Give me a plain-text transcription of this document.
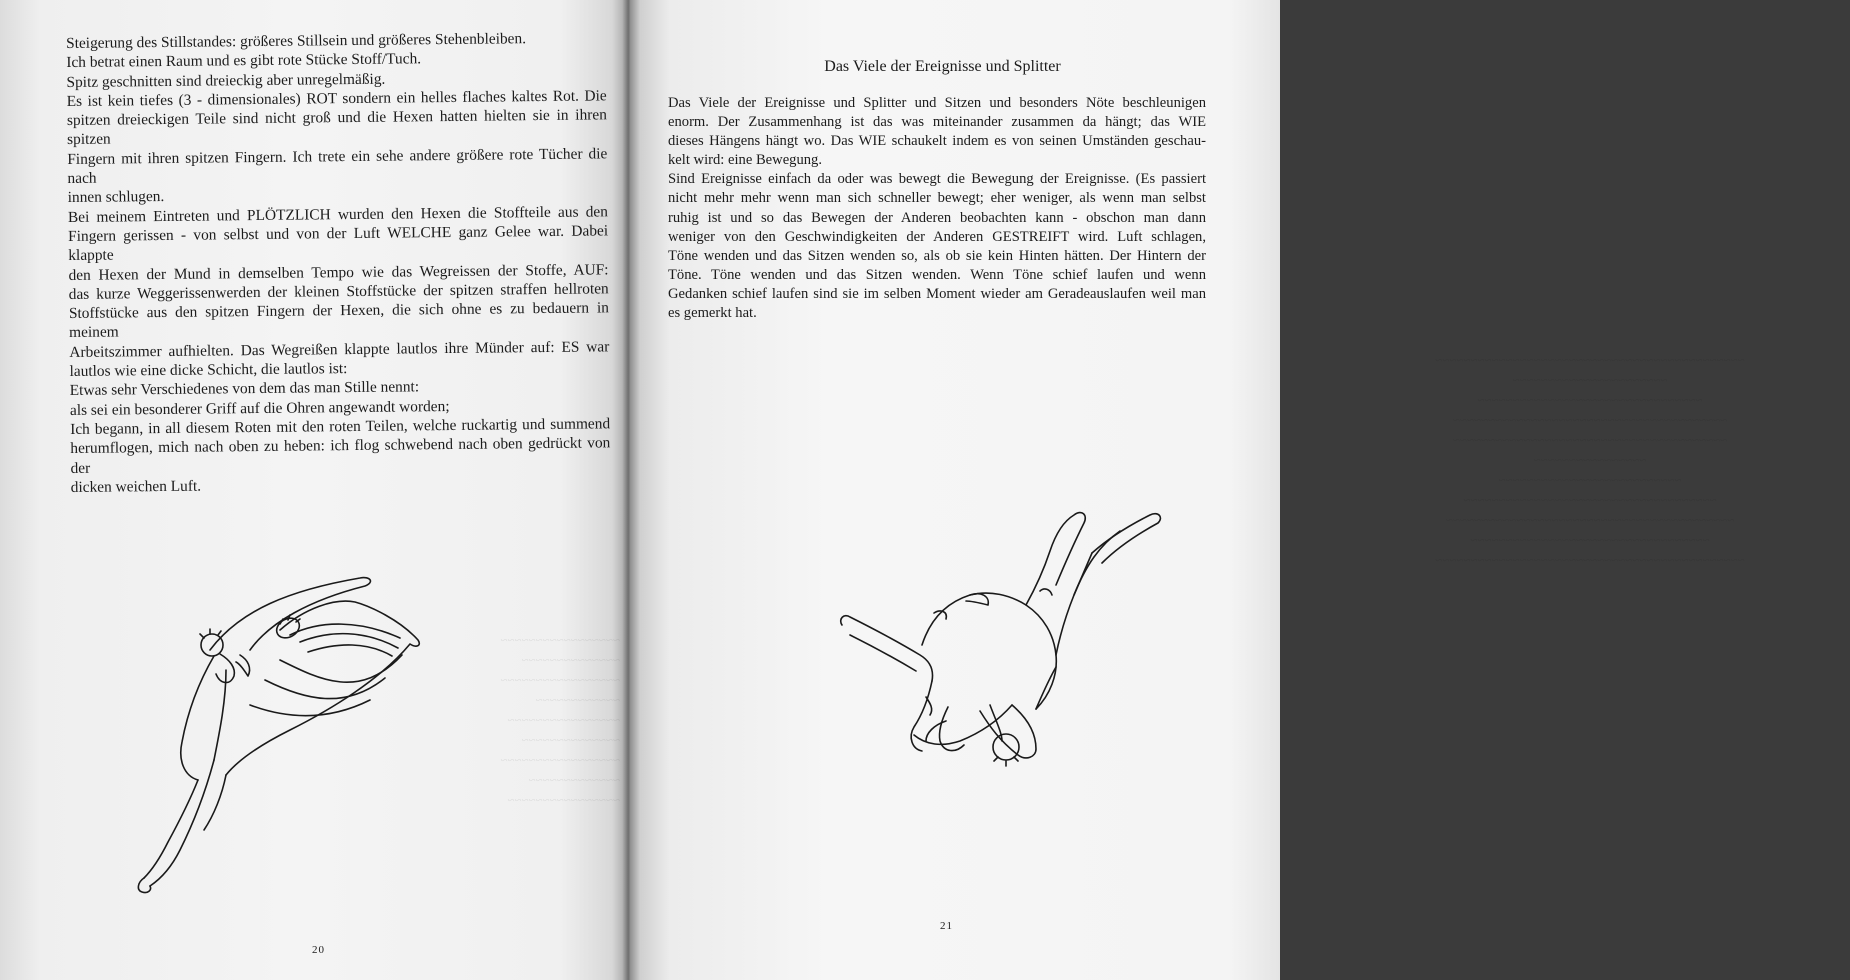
~~~~~~~~~~~~~~~~~
~~~~~~~~~~~~~~
~~~~~~~~~~~~~~~~~
~~~~~~~~~~~~
~~~~~~~~~~~~~~~~
~~~~~~~~~~~~~~
~~~~~~~~~~~~~~~~~
~~~~~~~~~~~~~
~~~~~~~~~~~~~~~~
Steigerung des Stillstandes: größeres Stillsein und größeres Stehenbleiben.
Ich betrat einen Raum und es gibt rote Stücke Stoff/Tuch.
Spitz geschnitten sind dreieckig aber unregelmäßig.
Es ist kein tiefes (3 - dimensionales) ROT sondern ein helles flaches kaltes Rot. Die
spitzen dreieckigen Teile sind nicht groß und die Hexen hatten hielten sie in ihren spitzen
Fingern mit ihren spitzen Fingern. Ich trete ein sehe andere größere rote Tücher die nach
innen schlugen.
Bei meinem Eintreten und PLÖTZLICH wurden den Hexen die Stoffteile aus den
Fingern gerissen - von selbst und von der Luft WELCHE ganz Gelee war. Dabei klappte
den Hexen der Mund in demselben Tempo wie das Wegreissen der Stoffe, AUF:
das kurze Weggerissenwerden der kleinen Stoffstücke der spitzen straffen hellroten
Stoffstücke aus den spitzen Fingern der Hexen, die sich ohne es zu bedauern in meinem
Arbeitszimmer aufhielten. Das Wegreißen klappte lautlos ihre Münder auf: ES war
lautlos wie eine dicke Schicht, die lautlos ist:
Etwas sehr Verschiedenes von dem das man Stille nennt:
als sei ein besonderer Griff auf die Ohren angewandt worden;
Ich begann, in all diesem Roten mit den roten Teilen, welche ruckartig und summend
herumflogen, mich nach oben zu heben: ich flog schwebend nach oben gedrückt von der
dicken weichen Luft.
20
~~~~~~~~~~~~~~~~~~~~~~~~~~~~~~~~~~~~~~~~~~~~
~~~~~~~~~~~~~~~~~~~~~~
~~~~~~~~~~~~~~~~~~~~~~~~~~~~~~~~
~~~~~~~~~~~~~~~~~~~~~~~~~~~~~~~~~~~~~~~
~~~~~~~~~~~~~~~~~~~~~~~~~~~~~~~~~~~~~~~
~~~~~~~~~~~~~~~~
~~~~~~~~~~~~~~~~~~~~~~~~~~
~~~~~~~~~~~~~~~~~~~~~~~~~~~~~~~~~~~~
~~~~~~~~~~~~~~~~~~~~~~~~~~~~~~~~~~~~~~~~~
~~~~~~~~~~~~~~~~~~~~~~~~~~~~~~~~~~
~~~~~~~~~~~~~~~~~~~~~~~~~~~~~~~~~~~~~~~~~~~~
Das Viele der Ereignisse und Splitter
Das Viele der Ereignisse und Splitter und Sitzen und besonders Nöte beschleunigen
enorm. Der Zusammenhang ist das was miteinander zusammen da hängt; das WIE
dieses Hängens hängt wo. Das WIE schaukelt indem es von seinen Umständen geschau-
kelt wird: eine Bewegung.
Sind Ereignisse einfach da oder was bewegt die Bewegung der Ereignisse. (Es passiert
nicht mehr mehr wenn man sich schneller bewegt; eher weniger, als wenn man selbst
ruhig ist und so das Bewegen der Anderen beobachten kann - obschon man dann
weniger von den Geschwindigkeiten der Anderen GESTREIFT wird. Luft schlagen,
Töne wenden und das Sitzen wenden so, als ob sie kein Hinten hätten. Der Hintern der
Töne. Töne wenden und das Sitzen wenden. Wenn Töne schief laufen und wenn
Gedanken schief laufen sind sie im selben Moment wieder am Geradeauslaufen weil man
es gemerkt hat.
21
